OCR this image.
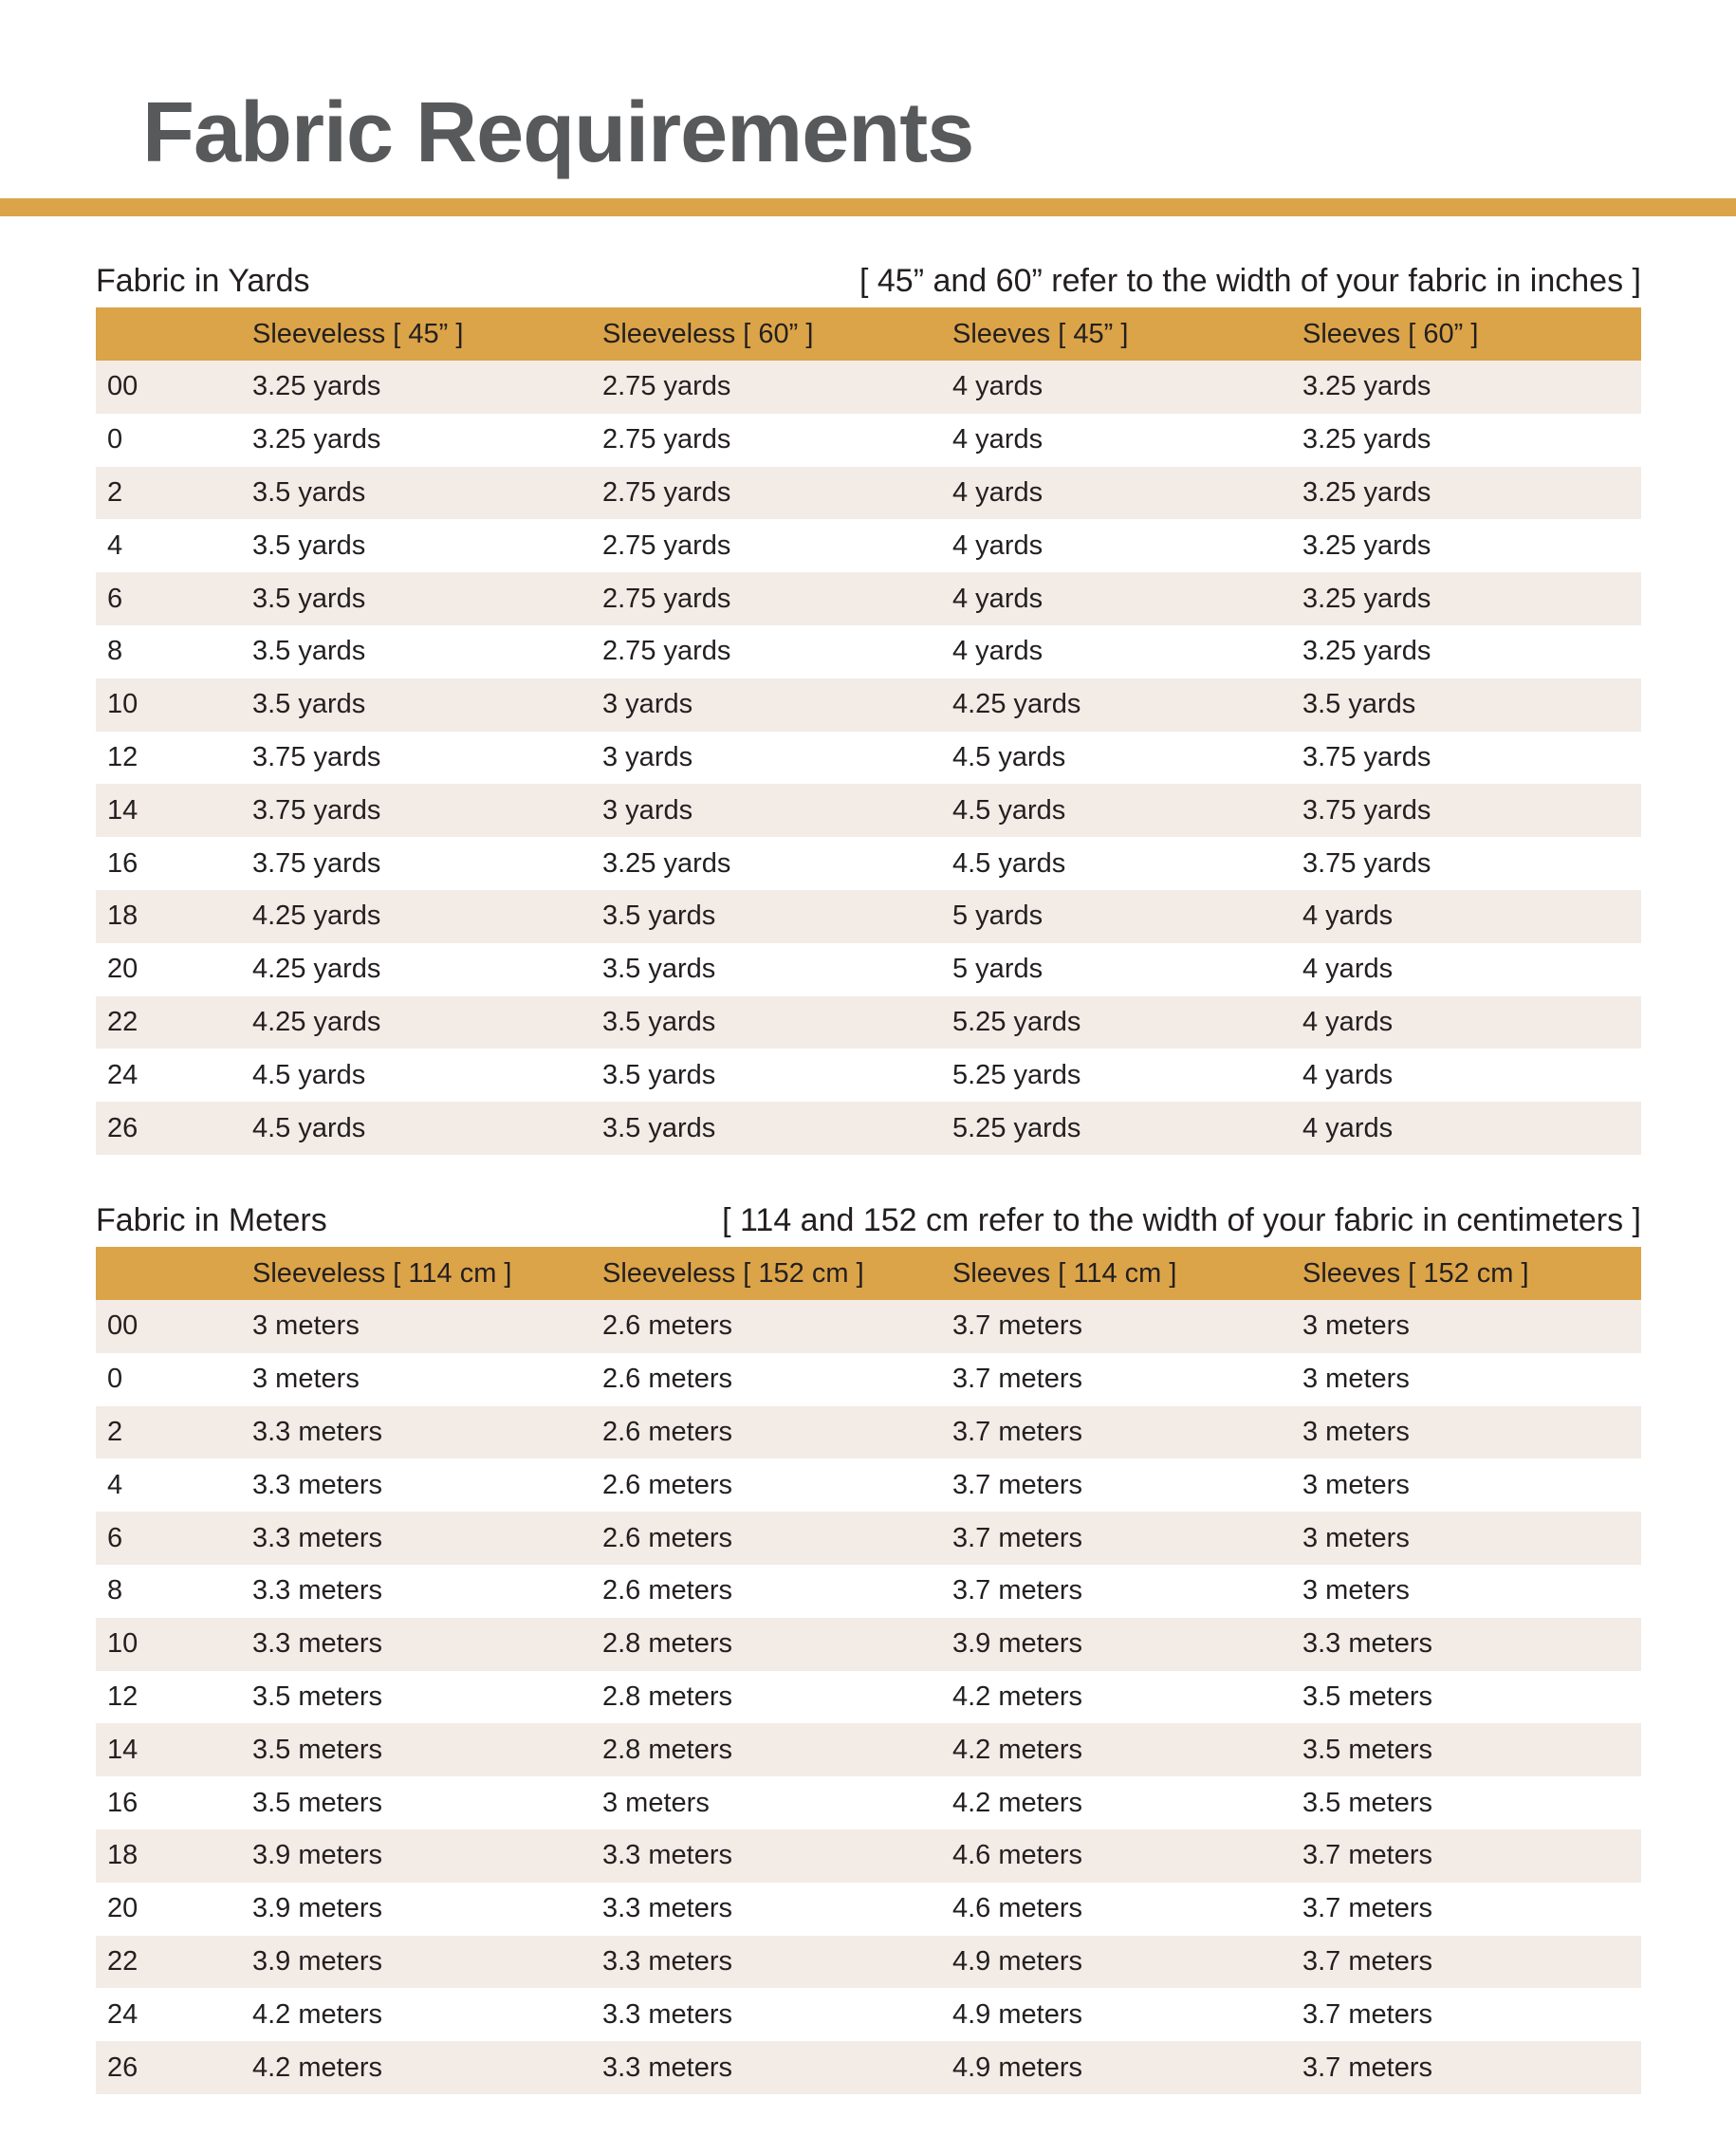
Fabric Requirements
Fabric in Yards	[ 45” and 60” refer to the width of your fabric in inches ]
	Sleeveless [ 45” ]	Sleeveless [ 60” ]	Sleeves [ 45” ]	Sleeves [ 60” ]
00	3.25 yards	2.75 yards	4 yards	3.25 yards
0	3.25 yards	2.75 yards	4 yards	3.25 yards
2	3.5 yards	2.75 yards	4 yards	3.25 yards
4	3.5 yards	2.75 yards	4 yards	3.25 yards
6	3.5 yards	2.75 yards	4 yards	3.25 yards
8	3.5 yards	2.75 yards	4 yards	3.25 yards
10	3.5 yards	3 yards	4.25 yards	3.5 yards
12	3.75 yards	3 yards	4.5 yards	3.75 yards
14	3.75 yards	3 yards	4.5 yards	3.75 yards
16	3.75 yards	3.25 yards	4.5 yards	3.75 yards
18	4.25 yards	3.5 yards	5 yards	4 yards
20	4.25 yards	3.5 yards	5 yards	4 yards
22	4.25 yards	3.5 yards	5.25 yards	4 yards
24	4.5 yards	3.5 yards	5.25 yards	4 yards
26	4.5 yards	3.5 yards	5.25 yards	4 yards
Fabric in Meters	[ 114 and 152 cm refer to the width of your fabric in centimeters ]
	Sleeveless [ 114 cm ]	Sleeveless [ 152 cm ]	Sleeves [ 114 cm ]	Sleeves [ 152 cm ]
00	3 meters	2.6 meters	3.7 meters	3 meters
0	3 meters	2.6 meters	3.7 meters	3 meters
2	3.3 meters	2.6 meters	3.7 meters	3 meters
4	3.3 meters	2.6 meters	3.7 meters	3 meters
6	3.3 meters	2.6 meters	3.7 meters	3 meters
8	3.3 meters	2.6 meters	3.7 meters	3 meters
10	3.3 meters	2.8 meters	3.9 meters	3.3 meters
12	3.5 meters	2.8 meters	4.2 meters	3.5 meters
14	3.5 meters	2.8 meters	4.2 meters	3.5 meters
16	3.5 meters	3 meters	4.2 meters	3.5 meters
18	3.9 meters	3.3 meters	4.6 meters	3.7 meters
20	3.9 meters	3.3 meters	4.6 meters	3.7 meters
22	3.9 meters	3.3 meters	4.9 meters	3.7 meters
24	4.2 meters	3.3 meters	4.9 meters	3.7 meters
26	4.2 meters	3.3 meters	4.9 meters	3.7 meters
